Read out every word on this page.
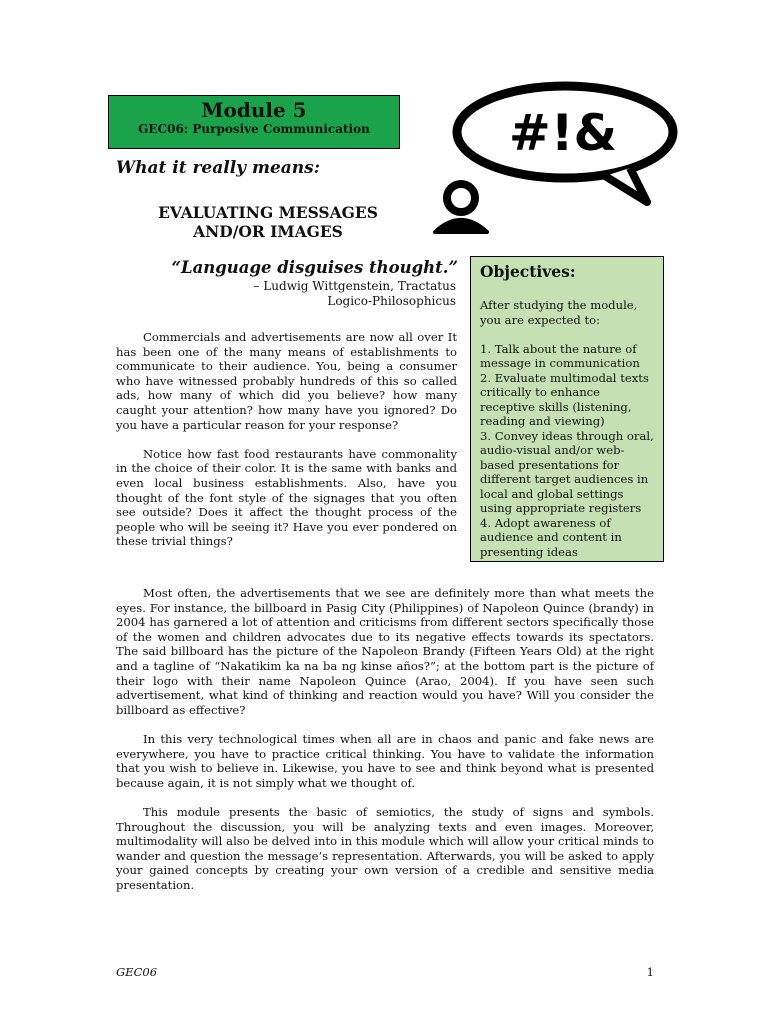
Module 5
GEC06: Purposive Communication	#!&
What it really means:
EVALUATING MESSAGES
AND/OR IMAGES
“Language disguises thought.”
– Ludwig Wittgenstein, Tractatus
Logico-Philosophicus

Commercials and advertisements are now all over It has been one of the many means of establishments to communicate to their audience. You, being a consumer who have witnessed probably hundreds of this so called ads, how many of which did you believe? how many caught your attention? how many have you ignored? Do you have a particular reason for your response?

Notice how fast food restaurants have commonality in the choice of their color. It is the same with banks and even local business establishments. Also, have you thought of the font style of the signages that you often see outside? Does it affect the thought process of the people who will be seeing it? Have you ever pondered on these trivial things?

Objectives:
After studying the module, you are expected to:

1. Talk about the nature of message in communication

2. Evaluate multimodal texts critically to enhance receptive skills (listening, reading and viewing)

3. Convey ideas through oral, audio-visual and/or web-based presentations for different target audiences in local and global settings using appropriate registers

4. Adopt awareness of audience and content in presenting ideas

Most often, the advertisements that we see are definitely more than what meets the eyes. For instance, the billboard in Pasig City (Philippines) of Napoleon Quince (brandy) in 2004 has garnered a lot of attention and criticisms from different sectors specifically those of the women and children advocates due to its negative effects towards its spectators. The said billboard has the picture of the Napoleon Brandy (Fifteen Years Old) at the right and a tagline of “Nakatikim ka na ba ng kinse años?”; at the bottom part is the picture of their logo with their name Napoleon Quince (Arao, 2004). If you have seen such advertisement, what kind of thinking and reaction would you have? Will you consider the billboard as effective?

In this very technological times when all are in chaos and panic and fake news are everywhere, you have to practice critical thinking. You have to validate the information that you wish to believe in. Likewise, you have to see and think beyond what is presented because again, it is not simply what we thought of.

This module presents the basic of semiotics, the study of signs and symbols. Throughout the discussion, you will be analyzing texts and even images. Moreover, multimodality will also be delved into in this module which will allow your critical minds to wander and question the message’s representation. Afterwards, you will be asked to apply your gained concepts by creating your own version of a credible and sensitive media presentation.

GEC06	1
